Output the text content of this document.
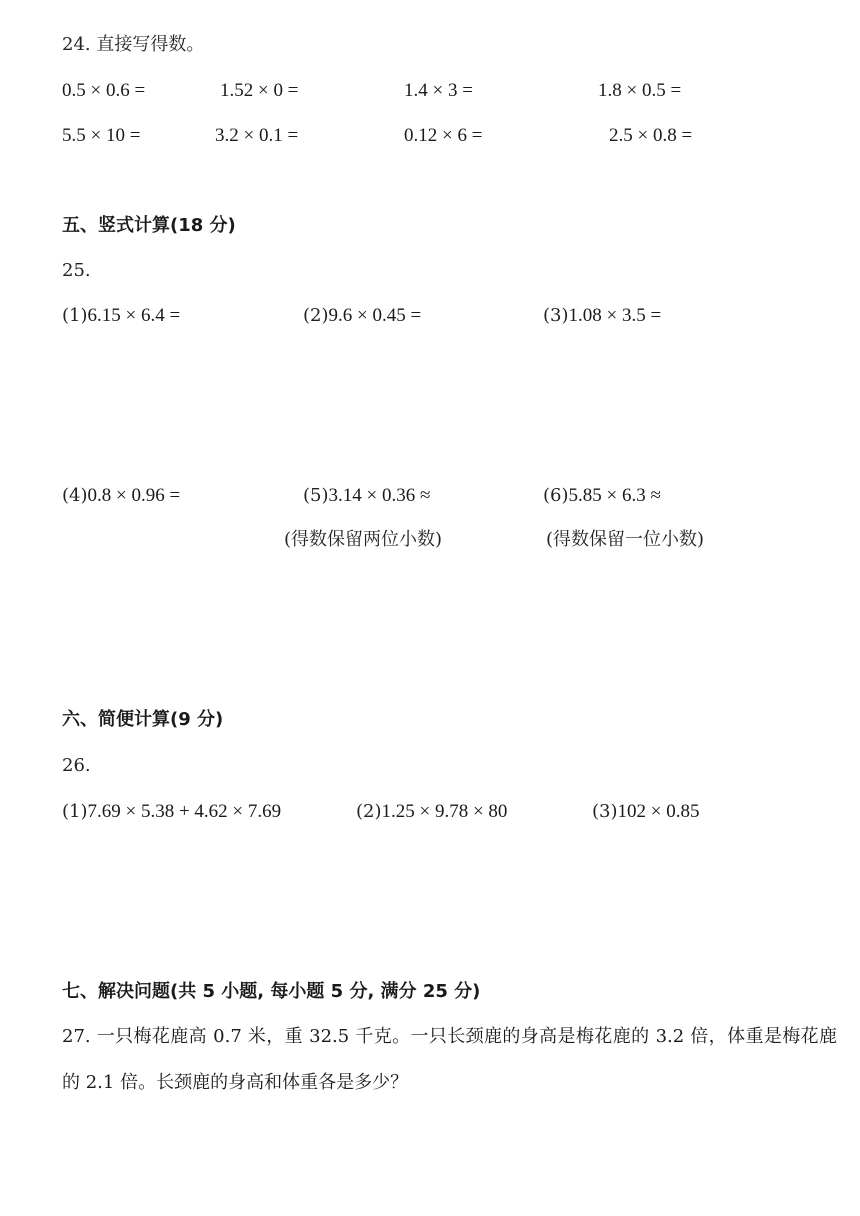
24. 直接写得数。
0.5 × 0.6 =	1.52 × 0 =	1.4 × 3 =	1.8 × 0.5 =
5.5 × 10 =	3.2 × 0.1 =	0.12 × 6 =	2.5 × 0.8 =
五、竖式计算(18 分)
25.
(1)6.15 × 6.4 =	(2)9.6 × 0.45 =	(3)1.08 × 3.5 =
(4)0.8 × 0.96 =	(5)3.14 × 0.36 ≈	(6)5.85 × 6.3 ≈
(得数保留两位小数)	(得数保留一位小数)
六、简便计算(9 分)
26.
(1)7.69 × 5.38 + 4.62 × 7.69	(2)1.25 × 9.78 × 80	(3)102 × 0.85
七、解决问题(共 5 小题, 每小题 5 分, 满分 25 分)
27. 一只梅花鹿高 0.7 米，重 32.5 千克。一只长颈鹿的身高是梅花鹿的 3.2 倍，体重是梅花鹿的 2.1 倍。长颈鹿的身高和体重各是多少？
